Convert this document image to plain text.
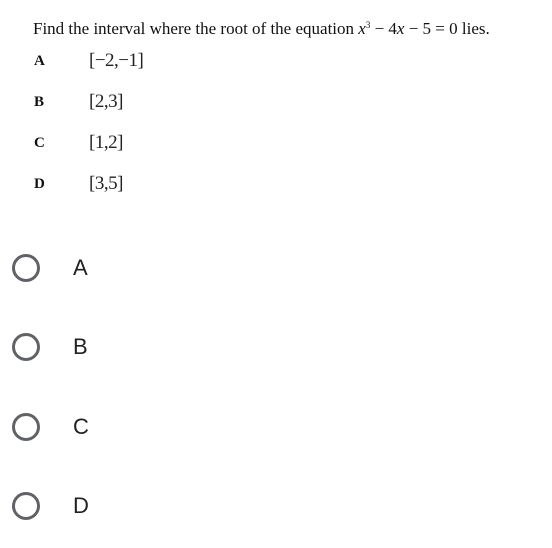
Find the interval where the root of the equation $x^3 - 4x - 5 = 0$ lies.
A [−2,−1]
B [2,3]
C [1,2]
D [3,5]
A
B
C
D
